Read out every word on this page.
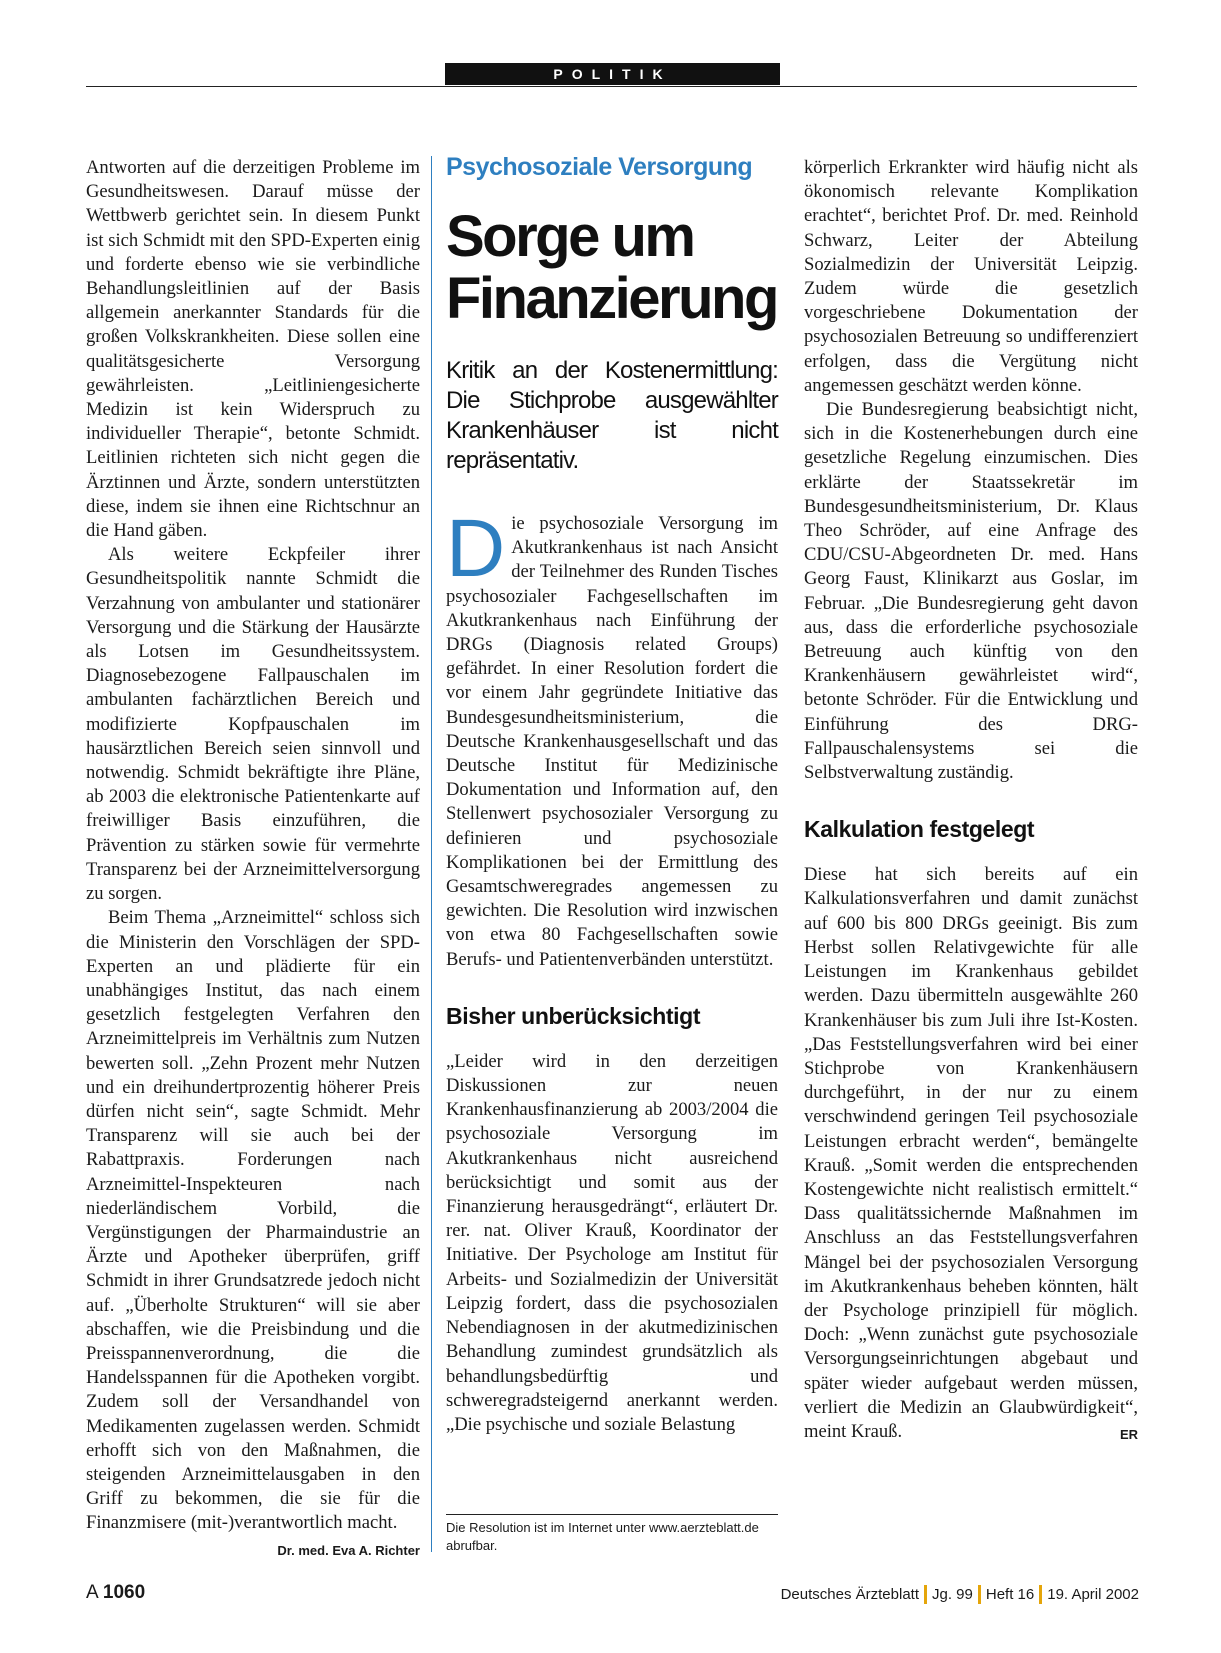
POLITIK

Antworten auf die derzeitigen Probleme im Gesundheitswesen. Darauf müsse der Wettbwerb gerichtet sein. In diesem Punkt ist sich Schmidt mit den SPD-Experten einig und forderte ebenso wie sie verbindliche Behandlungsleitlinien auf der Basis allgemein anerkannter Standards für die großen Volkskrankheiten. Diese sollen eine qualitätsgesicherte Versorgung gewährleisten. „Leitliniengesicherte Medizin ist kein Widerspruch zu individueller Therapie“, betonte Schmidt. Leitlinien richteten sich nicht gegen die Ärztinnen und Ärzte, sondern unterstützten diese, indem sie ihnen eine Richtschnur an die Hand gäben.

Als weitere Eckpfeiler ihrer Gesundheitspolitik nannte Schmidt die Verzahnung von ambulanter und stationärer Versorgung und die Stärkung der Hausärzte als Lotsen im Gesundheitssystem. Diagnosebezogene Fallpauschalen im ambulanten fachärztlichen Bereich und modifizierte Kopfpauschalen im hausärztlichen Bereich seien sinnvoll und notwendig. Schmidt bekräftigte ihre Pläne, ab 2003 die elektronische Patientenkarte auf freiwilliger Basis einzuführen, die Prävention zu stärken sowie für vermehrte Transparenz bei der Arzneimittelversorgung zu sorgen.

Beim Thema „Arzneimittel“ schloss sich die Ministerin den Vorschlägen der SPD-Experten an und plädierte für ein unabhängiges Institut, das nach einem gesetzlich festgelegten Verfahren den Arzneimittelpreis im Verhältnis zum Nutzen bewerten soll. „Zehn Prozent mehr Nutzen und ein dreihundertprozentig höherer Preis dürfen nicht sein“, sagte Schmidt. Mehr Transparenz will sie auch bei der Rabattpraxis. Forderungen nach Arzneimittel-Inspekteuren nach niederländischem Vorbild, die Vergünstigungen der Pharmaindustrie an Ärzte und Apotheker überprüfen, griff Schmidt in ihrer Grundsatzrede jedoch nicht auf. „Überholte Strukturen“ will sie aber abschaffen, wie die Preisbindung und die Preisspannenverordnung, die die Handelsspannen für die Apotheken vorgibt. Zudem soll der Versandhandel von Medikamenten zugelassen werden. Schmidt erhofft sich von den Maßnahmen, die steigenden Arzneimittelausgaben in den Griff zu bekommen, die sie für die Finanzmisere (mit-)verantwortlich macht.
Dr. med. Eva A. Richter

Psychosoziale Versorgung
Sorge um
Finanzierung
Kritik an der Kostenermittlung: Die Stichprobe ausgewählter Krankenhäuser ist nicht repräsentativ.

Die psychosoziale Versorgung im Akutkrankenhaus ist nach Ansicht der Teilnehmer des Runden Tisches psychosozialer Fachgesellschaften im Akutkrankenhaus nach Einführung der DRGs (Diagnosis related Groups) gefährdet. In einer Resolution fordert die vor einem Jahr gegründete Initiative das Bundesgesundheitsministerium, die Deutsche Krankenhausgesellschaft und das Deutsche Institut für Medizinische Dokumentation und Information auf, den Stellenwert psychosozialer Versorgung zu definieren und psychosoziale Komplikationen bei der Ermittlung des Gesamtschweregrades angemessen zu gewichten. Die Resolution wird inzwischen von etwa 80 Fachgesellschaften sowie Berufs- und Patientenverbänden unterstützt.

Bisher unberücksichtigt

„Leider wird in den derzeitigen Diskussionen zur neuen Krankenhausfinanzierung ab 2003/2004 die psychosoziale Versorgung im Akutkrankenhaus nicht ausreichend berücksichtigt und somit aus der Finanzierung herausgedrängt“, erläutert Dr. rer. nat. Oliver Krauß, Koordinator der Initiative. Der Psychologe am Institut für Arbeits- und Sozialmedizin der Universität Leipzig fordert, dass die psychosozialen Nebendiagnosen in der akutmedizinischen Behandlung zumindest grundsätzlich als behandlungsbedürftig und schweregradsteigernd anerkannt werden. „Die psychische und soziale Belastung

Die Resolution ist im Internet unter www.aerzteblatt.de abrufbar.

körperlich Erkrankter wird häufig nicht als ökonomisch relevante Komplikation erachtet“, berichtet Prof. Dr. med. Reinhold Schwarz, Leiter der Abteilung Sozialmedizin der Universität Leipzig. Zudem würde die gesetzlich vorgeschriebene Dokumentation der psychosozialen Betreuung so undifferenziert erfolgen, dass die Vergütung nicht angemessen geschätzt werden könne.

Die Bundesregierung beabsichtigt nicht, sich in die Kostenerhebungen durch eine gesetzliche Regelung einzumischen. Dies erklärte der Staatssekretär im Bundesgesundheitsministerium, Dr. Klaus Theo Schröder, auf eine Anfrage des CDU/CSU-Abgeordneten Dr. med. Hans Georg Faust, Klinikarzt aus Goslar, im Februar. „Die Bundesregierung geht davon aus, dass die erforderliche psychosoziale Betreuung auch künftig von den Krankenhäusern gewährleistet wird“, betonte Schröder. Für die Entwicklung und Einführung des DRG-Fallpauschalensystems sei die Selbstverwaltung zuständig.

Kalkulation festgelegt

Diese hat sich bereits auf ein Kalkulationsverfahren und damit zunächst auf 600 bis 800 DRGs geeinigt. Bis zum Herbst sollen Relativgewichte für alle Leistungen im Krankenhaus gebildet werden. Dazu übermitteln ausgewählte 260 Krankenhäuser bis zum Juli ihre Ist-Kosten. „Das Feststellungsverfahren wird bei einer Stichprobe von Krankenhäusern durchgeführt, in der nur zu einem verschwindend geringen Teil psychosoziale Leistungen erbracht werden“, bemängelte Krauß. „Somit werden die entsprechenden Kostengewichte nicht realistisch ermittelt.“ Dass qualitätssichernde Maßnahmen im Anschluss an das Feststellungsverfahren Mängel bei der psychosozialen Versorgung im Akutkrankenhaus beheben könnten, hält der Psychologe prinzipiell für möglich. Doch: „Wenn zunächst gute psychosoziale Versorgungseinrichtungen abgebaut und später wieder aufgebaut werden müssen, verliert die Medizin an Glaubwürdigkeit“, meint Krauß.	ER

A 1060	Deutsches Ärzteblatt Jg. 99 Heft 16 19. April 2002
